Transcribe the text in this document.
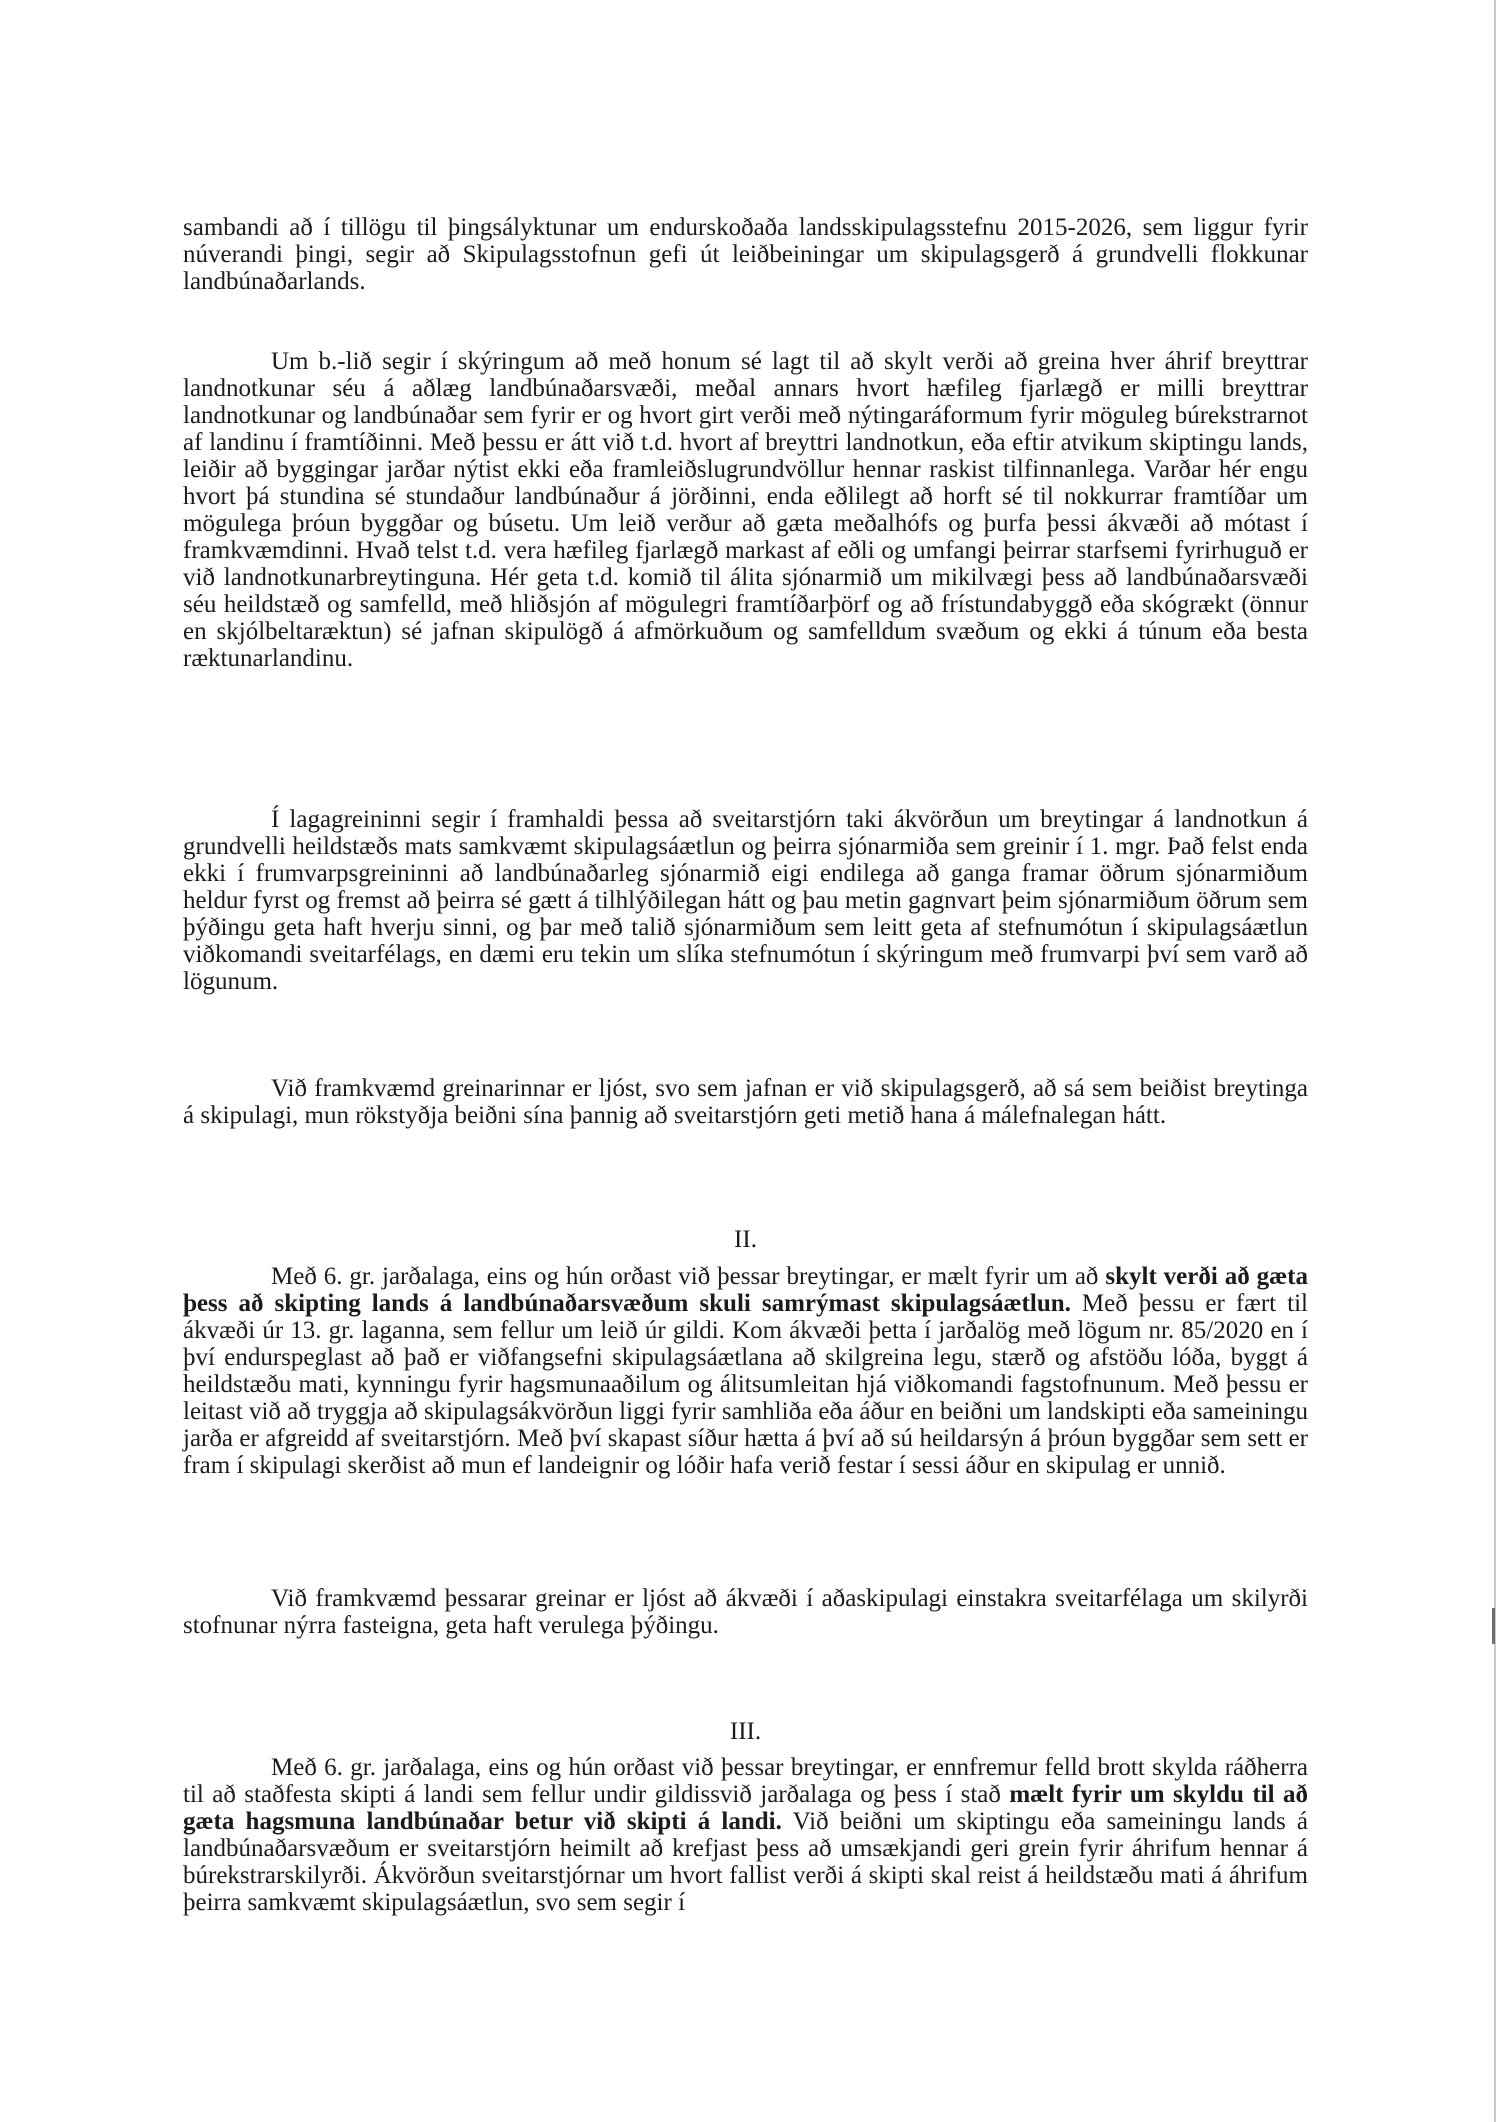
sambandi að í tillögu til þingsályktunar um endurskoðaða landsskipulagsstefnu 2015-2026, sem liggur fyrir núverandi þingi, segir að Skipulagsstofnun gefi út leiðbeiningar um skipulagsgerð á grundvelli flokkunar landbúnaðarlands.

Um b.-lið segir í skýringum að með honum sé lagt til að skylt verði að greina hver áhrif breyttrar landnotkunar séu á aðlæg landbúnaðarsvæði, meðal annars hvort hæfileg fjarlægð er milli breyttrar landnotkunar og landbúnaðar sem fyrir er og hvort girt verði með nýtingaráformum fyrir möguleg búrekstrarnot af landinu í framtíðinni. Með þessu er átt við t.d. hvort af breyttri landnotkun, eða eftir atvikum skiptingu lands, leiðir að byggingar jarðar nýtist ekki eða framleiðslugrundvöllur hennar raskist tilfinnanlega. Varðar hér engu hvort þá stundina sé stundaður landbúnaður á jörðinni, enda eðlilegt að horft sé til nokkurrar framtíðar um mögulega þróun byggðar og búsetu. Um leið verður að gæta meðalhófs og þurfa þessi ákvæði að mótast í framkvæmdinni. Hvað telst t.d. vera hæfileg fjarlægð markast af eðli og umfangi þeirrar starfsemi fyrirhuguð er við landnotkunarbreytinguna. Hér geta t.d. komið til álita sjónarmið um mikilvægi þess að landbúnaðarsvæði séu heildstæð og samfelld, með hliðsjón af mögulegri framtíðarþörf og að frístundabyggð eða skógrækt (önnur en skjólbeltaræktun) sé jafnan skipulögð á afmörkuðum og samfelldum svæðum og ekki á túnum eða besta ræktunarlandinu.

Í lagagreininni segir í framhaldi þessa að sveitarstjórn taki ákvörðun um breytingar á landnotkun á grundvelli heildstæðs mats samkvæmt skipulagsáætlun og þeirra sjónarmiða sem greinir í 1. mgr. Það felst enda ekki í frumvarpsgreininni að landbúnaðarleg sjónarmið eigi endilega að ganga framar öðrum sjónarmiðum heldur fyrst og fremst að þeirra sé gætt á tilhlýðilegan hátt og þau metin gagnvart þeim sjónarmiðum öðrum sem þýðingu geta haft hverju sinni, og þar með talið sjónarmiðum sem leitt geta af stefnumótun í skipulagsáætlun viðkomandi sveitarfélags, en dæmi eru tekin um slíka stefnumótun í skýringum með frumvarpi því sem varð að lögunum.

Við framkvæmd greinarinnar er ljóst, svo sem jafnan er við skipulagsgerð, að sá sem beiðist breytinga á skipulagi, mun rökstyðja beiðni sína þannig að sveitarstjórn geti metið hana á málefnalegan hátt.

II.

Með 6. gr. jarðalaga, eins og hún orðast við þessar breytingar, er mælt fyrir um að skylt verði að gæta þess að skipting lands á landbúnaðarsvæðum skuli samrýmast skipulagsáætlun. Með þessu er fært til ákvæði úr 13. gr. laganna, sem fellur um leið úr gildi. Kom ákvæði þetta í jarðalög með lögum nr. 85/2020 en í því endurspeglast að það er viðfangsefni skipulagsáætlana að skilgreina legu, stærð og afstöðu lóða, byggt á heildstæðu mati, kynningu fyrir hagsmunaaðilum og álitsumleitan hjá viðkomandi fagstofnunum. Með þessu er leitast við að tryggja að skipulagsákvörðun liggi fyrir samhliða eða áður en beiðni um landskipti eða sameiningu jarða er afgreidd af sveitarstjórn. Með því skapast síður hætta á því að sú heildarsýn á þróun byggðar sem sett er fram í skipulagi skerðist að mun ef landeignir og lóðir hafa verið festar í sessi áður en skipulag er unnið.

Við framkvæmd þessarar greinar er ljóst að ákvæði í aðaskipulagi einstakra sveitarfélaga um skilyrði stofnunar nýrra fasteigna, geta haft verulega þýðingu.

III.

Með 6. gr. jarðalaga, eins og hún orðast við þessar breytingar, er ennfremur felld brott skylda ráðherra til að staðfesta skipti á landi sem fellur undir gildissvið jarðalaga og þess í stað mælt fyrir um skyldu til að gæta hagsmuna landbúnaðar betur við skipti á landi. Við beiðni um skiptingu eða sameiningu lands á landbúnaðarsvæðum er sveitarstjórn heimilt að krefjast þess að umsækjandi geri grein fyrir áhrifum hennar á búrekstrarskilyrði. Ákvörðun sveitarstjórnar um hvort fallist verði á skipti skal reist á heildstæðu mati á áhrifum þeirra samkvæmt skipulagsáætlun, svo sem segir í
